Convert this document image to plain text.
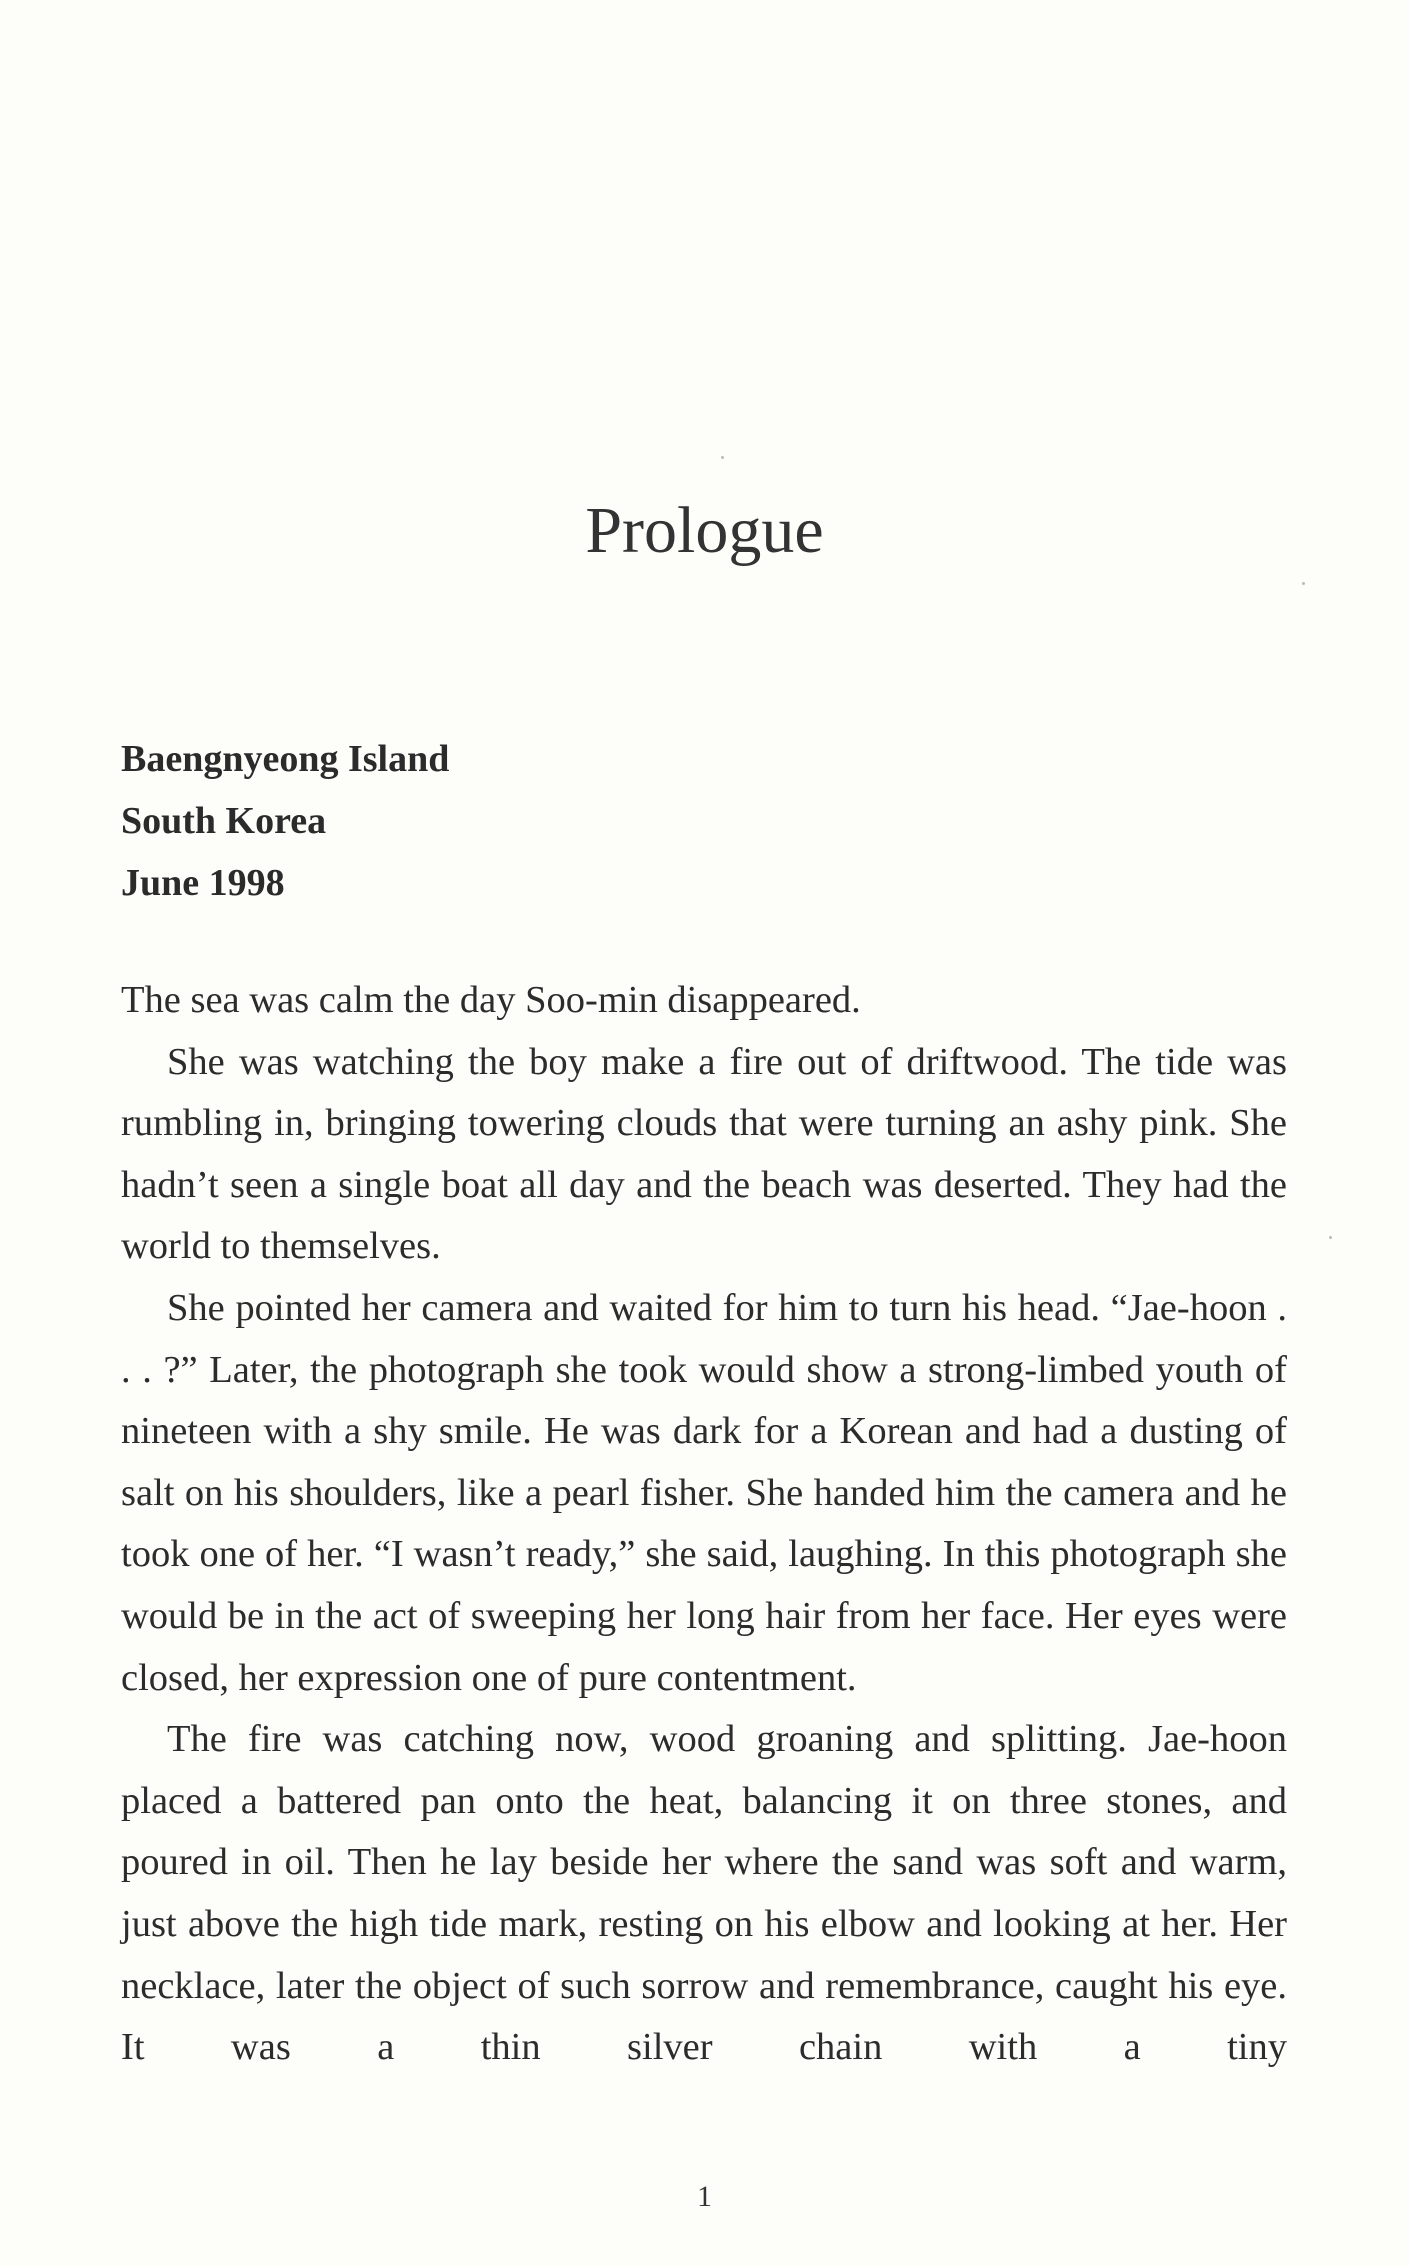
Prologue
Baengnyeong Island
South Korea
June 1998

The sea was calm the day Soo-min disappeared.

She was watching the boy make a fire out of driftwood. The tide was rumbling in, bringing towering clouds that were turning an ashy pink. She hadn’t seen a single boat all day and the beach was deserted. They had the world to themselves.

She pointed her camera and waited for him to turn his head. “Jae-hoon . . . ?” Later, the photograph she took would show a strong-limbed youth of nineteen with a shy smile. He was dark for a Korean and had a dusting of salt on his shoulders, like a pearl fisher. She handed him the camera and he took one of her. “I wasn’t ready,” she said, laughing. In this photograph she would be in the act of sweeping her long hair from her face. Her eyes were closed, her expression one of pure contentment.

The fire was catching now, wood groaning and splitting. Jae-hoon placed a battered pan onto the heat, balancing it on three stones, and poured in oil. Then he lay beside her where the sand was soft and warm, just above the high tide mark, resting on his elbow and looking at her. Her necklace, later the object of such sorrow and remembrance, caught his eye. It was a thin silver chain with a tiny

1
